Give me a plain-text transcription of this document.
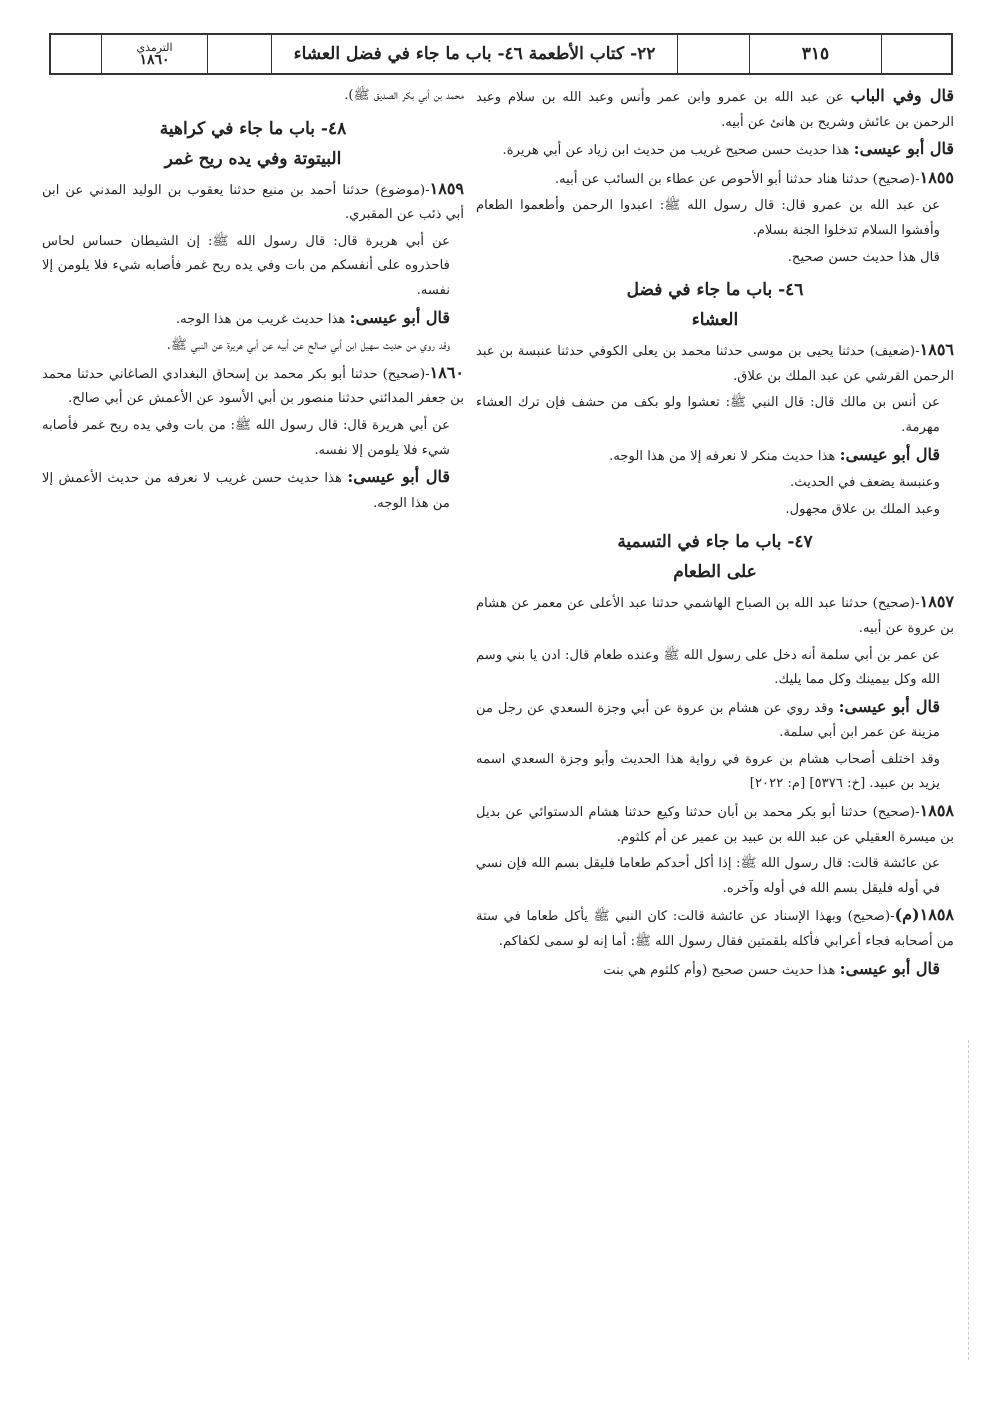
الترمذي
١٨٦٠	٢٢- كتاب الأطعمة ٤٦- باب ما جاء في فضل العشاء	٣١٥

قال وفي الباب عن عبد الله بن عمرو وابن عمر وأنس وعبد الله بن سلام وعبد الرحمن بن عائش وشريح بن هانئ عن أبيه.

قال أبو عيسى: هذا حديث حسن صحيح غريب من حديث ابن زياد عن أبي هريرة.

١٨٥٥-(صحيح) حدثنا هناد حدثنا أبو الأحوص عن عطاء بن السائب عن أبيه.

عن عبد الله بن عمرو قال: قال رسول الله ﷺ: اعبدوا الرحمن وأطعموا الطعام وأفشوا السلام تدخلوا الجنة بسلام.

قال هذا حديث حسن صحيح.

٤٦- باب ما جاء في فضل
العشاء

١٨٥٦-(ضعيف) حدثنا يحيى بن موسى حدثنا محمد بن يعلى الكوفي حدثنا عنبسة بن عبد الرحمن القرشي عن عبد الملك بن علاق.

عن أنس بن مالك قال: قال النبي ﷺ: تعشوا ولو بكف من حشف فإن ترك العشاء مهرمة.

قال أبو عيسى: هذا حديث منكر لا نعرفه إلا من هذا الوجه.

وعنبسة يضعف في الحديث.

وعبد الملك بن علاق مجهول.

٤٧- باب ما جاء في التسمية
على الطعام

١٨٥٧-(صحيح) حدثنا عبد الله بن الصباح الهاشمي حدثنا عبد الأعلى عن معمر عن هشام بن عروة عن أبيه.

عن عمر بن أبي سلمة أنه دخل على رسول الله ﷺ وعنده طعام قال: ادن يا بني وسم الله وكل بيمينك وكل مما يليك.

قال أبو عيسى: وقد روي عن هشام بن عروة عن أبي وجزة السعدي عن رجل من مزينة عن عمر ابن أبي سلمة.

وقد اختلف أصحاب هشام بن عروة في رواية هذا الحديث وأبو وجزة السعدي اسمه يزيد بن عبيد. [خ: ٥٣٧٦] [م: ٢٠٢٢]

١٨٥٨-(صحيح) حدثنا أبو بكر محمد بن أبان حدثنا وكيع حدثنا هشام الدستوائي عن بديل بن ميسرة العقيلي عن عبد الله بن عبيد بن عمير عن أم كلثوم.

عن عائشة قالت: قال رسول الله ﷺ: إذا أكل أحدكم طعاما فليقل بسم الله فإن نسي في أوله فليقل بسم الله في أوله وآخره.

١٨٥٨(م)-(صحيح) وبهذا الإسناد عن عائشة قالت: كان النبي ﷺ يأكل طعاما في ستة من أصحابه فجاء أعرابي فأكله بلقمتين فقال رسول الله ﷺ: أما إنه لو سمى لكفاكم.

قال أبو عيسى: هذا حديث حسن صحيح (وأم كلثوم هي بنت

محمد بن أبي بكر الصديق ﷺ).

٤٨- باب ما جاء في كراهية
البيتوتة وفي يده ريح غمر

١٨٥٩-(موضوع) حدثنا أحمد بن منيع حدثنا يعقوب بن الوليد المدني عن ابن أبي ذئب عن المقبري.

عن أبي هريرة قال: قال رسول الله ﷺ: إن الشيطان حساس لحاس فاحذروه على أنفسكم من بات وفي يده ريح غمر فأصابه شيء فلا يلومن إلا نفسه.

قال أبو عيسى: هذا حديث غريب من هذا الوجه.

وقد روي من حديث سهيل ابن أبي صالح عن أبيه عن أبي هريرة عن النبي ﷺ.

١٨٦٠-(صحيح) حدثنا أبو بكر محمد بن إسحاق البغدادي الصاغاني حدثنا محمد بن جعفر المدائني حدثنا منصور بن أبي الأسود عن الأعمش عن أبي صالح.

عن أبي هريرة قال: قال رسول الله ﷺ: من بات وفي يده ريح غمر فأصابه شيء فلا يلومن إلا نفسه.

قال أبو عيسى: هذا حديث حسن غريب لا نعرفه من حديث الأعمش إلا من هذا الوجه.
